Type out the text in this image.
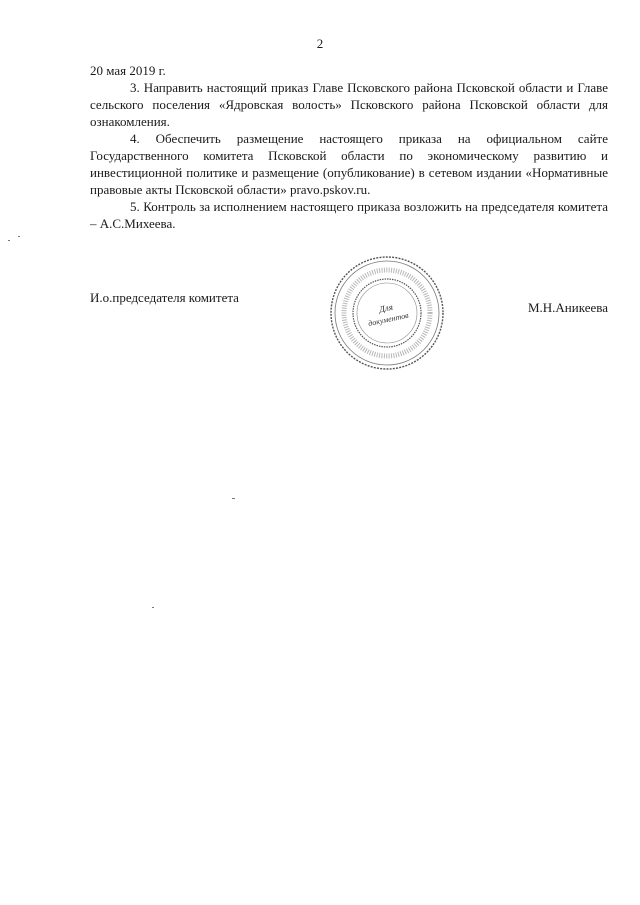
2

20 мая 2019 г.

3. Направить настоящий приказ Главе Псковского района Псковской области и Главе сельского поселения «Ядровская волость» Псковского района Псковской области для ознакомления.

4. Обеспечить размещение настоящего приказа на официальном сайте Государственного комитета Псковской области по экономическому развитию и инвестиционной политике и размещение (опубликование) в сетевом издании «Нормативные правовые акты Псковской области» pravo.pskov.ru.

5. Контроль за исполнением настоящего приказа возложить на председателя комитета – А.С.Михеева.

И.о.председателя комитета
М.Н.Аникеева
Для
документов
